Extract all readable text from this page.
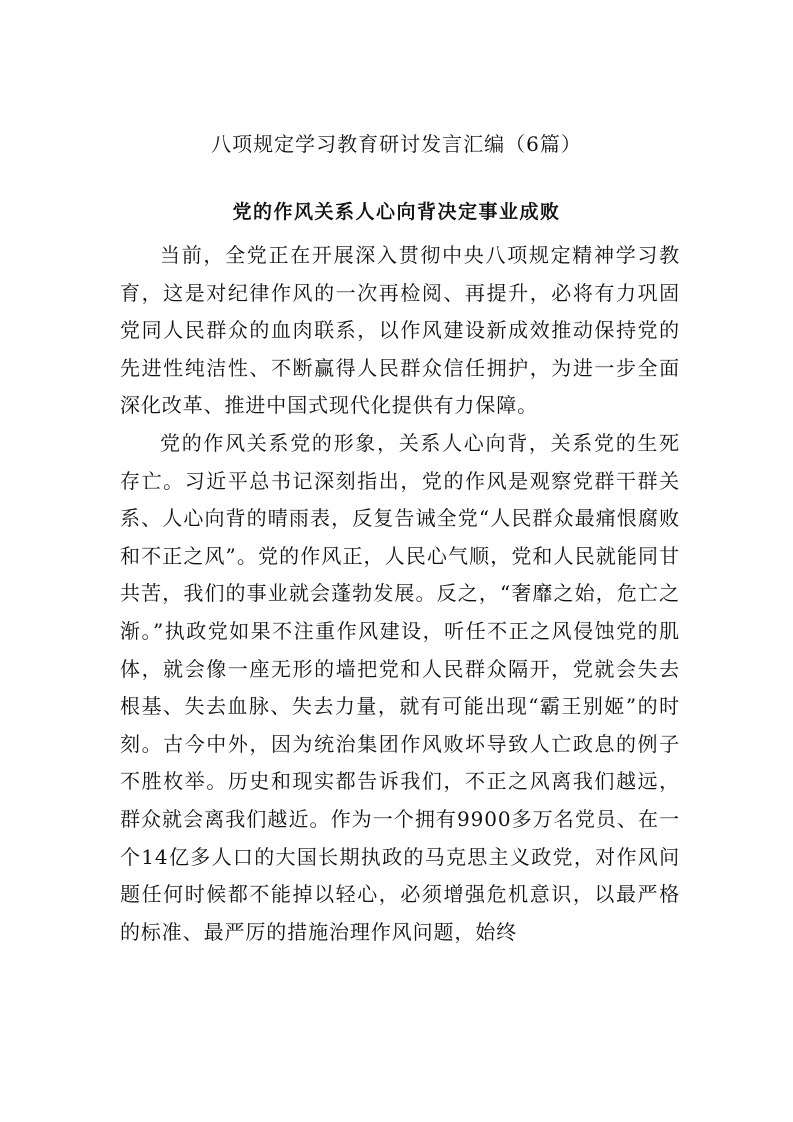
八项规定学习教育研讨发言汇编（6篇）
党的作风关系人心向背决定事业成败

当前，全党正在开展深入贯彻中央八项规定精神学习教育，这是对纪律作风的一次再检阅、再提升，必将有力巩固党同人民群众的血肉联系，以作风建设新成效推动保持党的先进性纯洁性、不断赢得人民群众信任拥护，为进一步全面深化改革、推进中国式现代化提供有力保障。

党的作风关系党的形象，关系人心向背，关系党的生死存亡。习近平总书记深刻指出，党的作风是观察党群干群关系、人心向背的晴雨表，反复告诫全党“人民群众最痛恨腐败和不正之风”。党的作风正，人民心气顺，党和人民就能同甘共苦，我们的事业就会蓬勃发展。反之，“奢靡之始，危亡之渐。”执政党如果不注重作风建设，听任不正之风侵蚀党的肌体，就会像一座无形的墙把党和人民群众隔开，党就会失去根基、失去血脉、失去力量，就有可能出现“霸王别姬”的时刻。古今中外，因为统治集团作风败坏导致人亡政息的例子不胜枚举。历史和现实都告诉我们，不正之风离我们越远，群众就会离我们越近。作为一个拥有9900多万名党员、在一个14亿多人口的大国长期执政的马克思主义政党，对作风问题任何时候都不能掉以轻心，必须增强危机意识，以最严格的标准、最严厉的措施治理作风问题，始终
